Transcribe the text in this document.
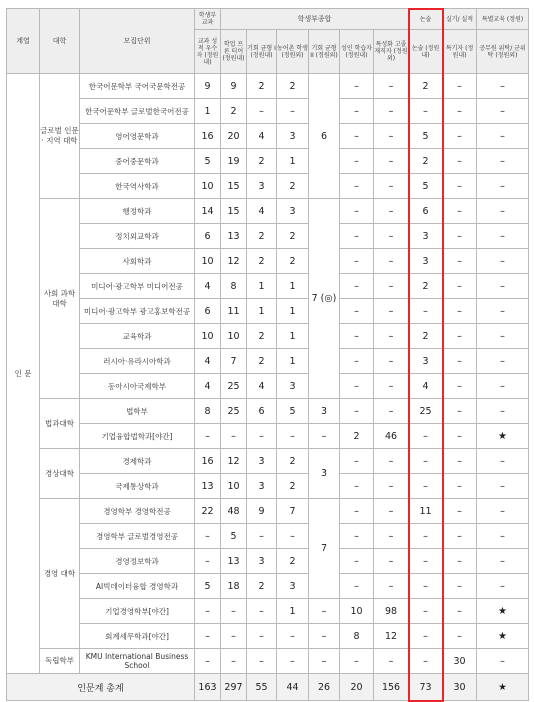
계열	대학	모집단위	학생부 교과	학생부종합						논술	실기/ 실적	특별교육 (정원)
			교과 성적 우수자 (정원내)	학업 프론 티어 (정원내)	기회 균형 I (정원내)	농어촌 학생 (정원외)	기회 균형 II (정원외)	성인 학습자 (정원내)	특성화 고졸 재직자 (정원외)	논술 (정원내)	특기자 (정원내)	공무원 위탁/ 군위탁 (정원외)
인 문	글로벌 인문 · 지역 대학	한국어문학부 국어국문학전공	9	9	2	2	6	–	–	2	–	–
		한국어문학부 글로벌한국어전공	1	2	–	–		–	–	–	–	–
		영어영문학과	16	20	4	3		–	–	5	–	–
		중어중문학과	5	19	2	1		–	–	2	–	–
		한국역사학과	10	15	3	2		–	–	5	–	–
	사회 과학 대학	행정학과	14	15	4	3	7 (◎)	–	–	6	–	–
		정치외교학과	6	13	2	2		–	–	3	–	–
		사회학과	10	12	2	2		–	–	3	–	–
		미디어·광고학부 미디어전공	4	8	1	1		–	–	2	–	–
		미디어·광고학부 광고홍보학전공	6	11	1	1		–	–	–	–	–
		교육학과	10	10	2	1		–	–	2	–	–
		러시아·유라시아학과	4	7	2	1		–	–	3	–	–
		동아시아국제학부	4	25	4	3		–	–	4	–	–
	법과대학	법학부	8	25	6	5	3	–	–	25	–	–
		기업융합법학과[야간]	–	–	–	–	–	2	46	–	–	★
	경상대학	경제학과	16	12	3	2	3	–	–	–	–	–
		국제통상학과	13	10	3	2		–	–	–	–	–
	경영 대학	경영학부 경영학전공	22	48	9	7	7	–	–	11	–	–
		경영학부 글로벌경영전공	–	5	–	–		–	–	–	–	–
		경영정보학과	–	13	3	2		–	–	–	–	–
		AI빅데이터융합 경영학과	5	18	2	3		–	–	–	–	–
		기업경영학부[야간]	–	–	–	1	–	10	98	–	–	★
		회계세무학과[야간]	–	–	–	–	–	8	12	–	–	★
	독립학부	KMU International Business School	–	–	–	–	–	–	–	–	30	–
인문계 총계			163	297	55	44	26	20	156	73	30	★
